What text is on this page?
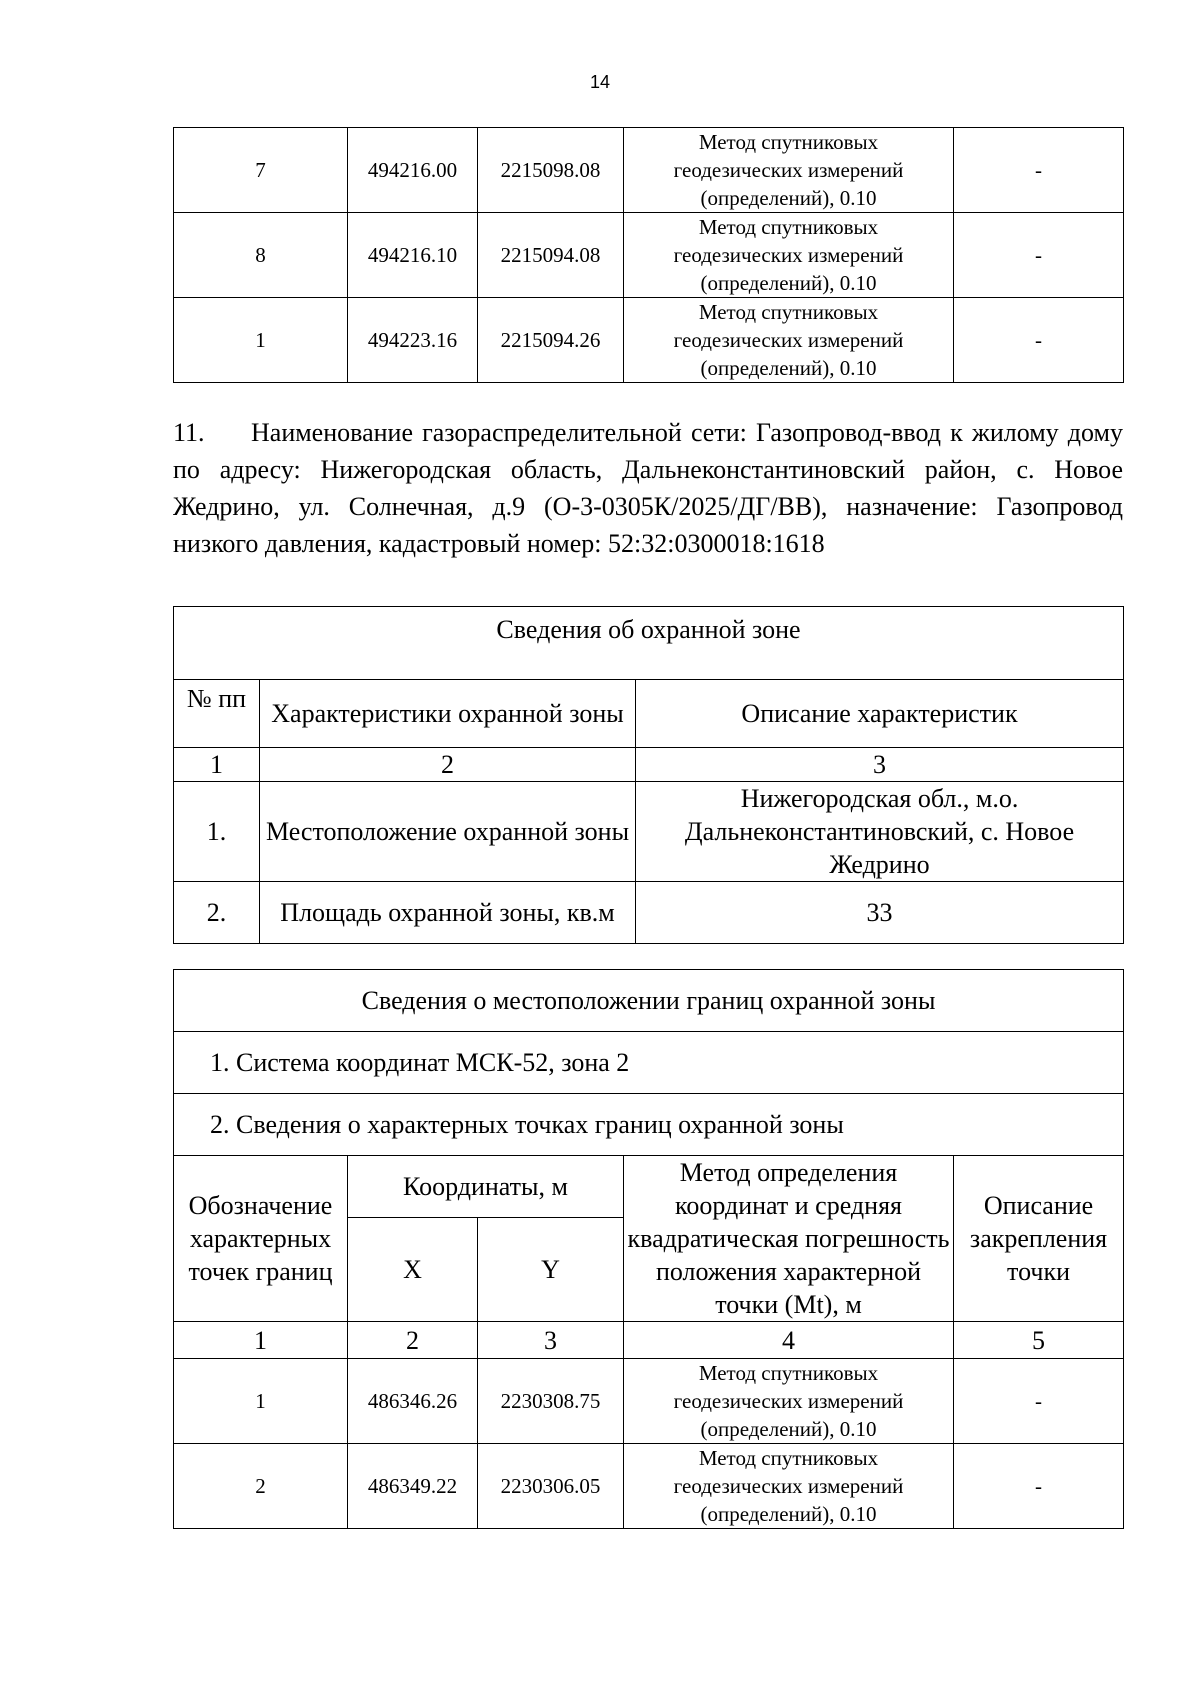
14
7	494216.00	2215098.08	Метод спутниковых
геодезических измерений
(определений), 0.10	-
8	494216.10	2215094.08	Метод спутниковых
геодезических измерений
(определений), 0.10	-
1	494223.16	2215094.26	Метод спутниковых
геодезических измерений
(определений), 0.10	-
11. Наименование газораспределительной сети: Газопровод-ввод к жилому дому по адресу: Нижегородская область, Дальнеконстантиновский район, с. Новое Жедрино, ул. Солнечная, д.9 (О-3-0305К/2025/ДГ/ВВ), назначение: Газопровод низкого давления, кадастровый номер: 52:32:0300018:1618
Сведения об охранной зоне		
№ пп	Характеристики охранной зоны	Описание характеристик
1	2	3
1.	Местоположение охранной зоны	Нижегородская обл., м.о. Дальнеконстантиновский, с. Новое Жедрино
2.	Площадь охранной зоны, кв.м	33
Сведения о местоположении границ охранной зоны				
1. Система координат МСК-52, зона 2				
2. Сведения о характерных точках границ охранной зоны				
Обозначение характерных точек границ	Координаты, м		Метод определения координат и средняя квадратическая погрешность положения характерной точки (Mt), м	Описание закрепления точки
	X	Y		
1	2	3	4	5
1	486346.26	2230308.75	Метод спутниковых
геодезических измерений
(определений), 0.10	-
2	486349.22	2230306.05	Метод спутниковых
геодезических измерений
(определений), 0.10	-
